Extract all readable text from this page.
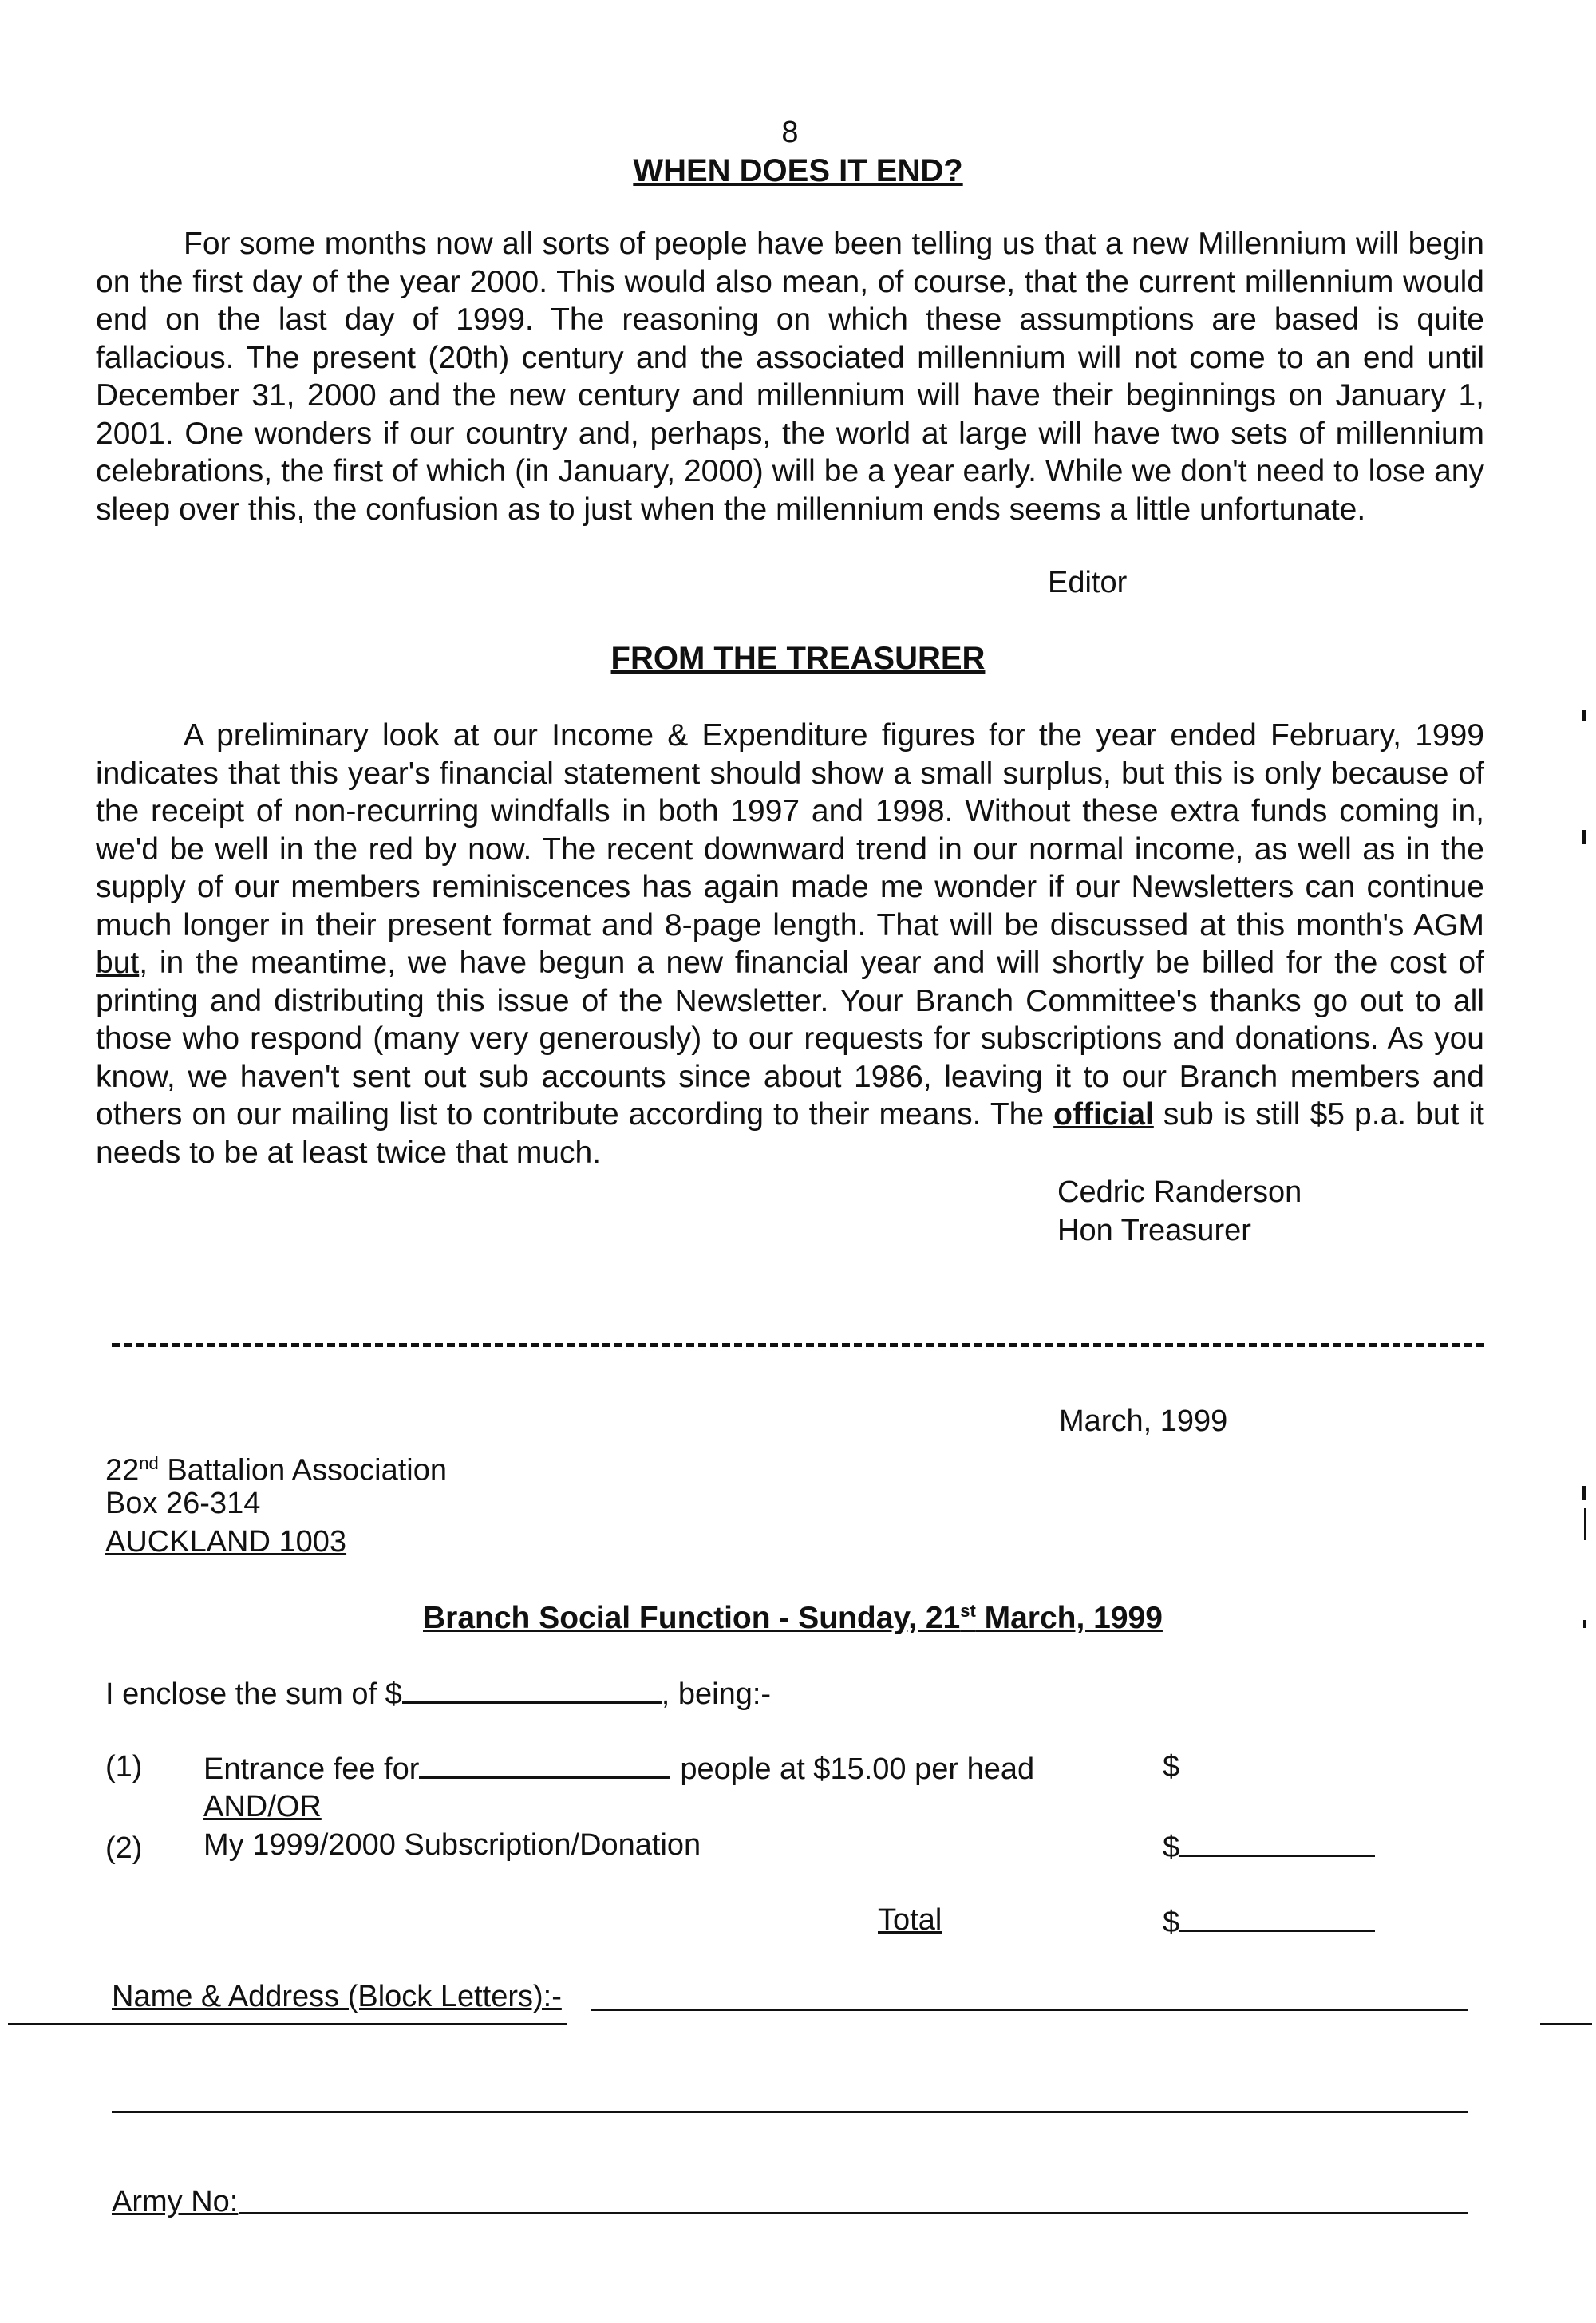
8
WHEN DOES IT END?

For some months now all sorts of people have been telling us that a new Millennium will begin on the first day of the year 2000. This would also mean, of course, that the current millennium would end on the last day of 1999. The reasoning on which these assumptions are based is quite fallacious. The present (20th) century and the associated millennium will not come to an end until December 31, 2000 and the new century and millennium will have their beginnings on January 1, 2001. One wonders if our country and, perhaps, the world at large will have two sets of millennium celebrations, the first of which (in January, 2000) will be a year early. While we don't need to lose any sleep over this, the confusion as to just when the millennium ends seems a little unfortunate.

Editor
FROM THE TREASURER

A preliminary look at our Income & Expenditure figures for the year ended February, 1999 indicates that this year's financial statement should show a small surplus, but this is only because of the receipt of non-recurring windfalls in both 1997 and 1998. Without these extra funds coming in, we'd be well in the red by now. The recent downward trend in our normal income, as well as in the supply of our members reminiscences has again made me wonder if our Newsletters can continue much longer in their present format and 8-page length. That will be discussed at this month's AGM but, in the meantime, we have begun a new financial year and will shortly be billed for the cost of printing and distributing this issue of the Newsletter. Your Branch Committee's thanks go out to all those who respond (many very generously) to our requests for subscriptions and donations. As you know, we haven't sent out sub accounts since about 1986, leaving it to our Branch members and others on our mailing list to contribute according to their means. The official sub is still $5 p.a. but it needs to be at least twice that much.

Cedric Randerson
Hon Treasurer
March, 1999
22nd Battalion Association
Box 26-314
AUCKLAND 1003
Branch Social Function - Sunday, 21st March, 1999
I enclose the sum of $	, being:-
(1) Entrance fee for	people at $15.00 per head	$
AND/OR
(2) My 1999/2000 Subscription/Donation	$
Total	$
Name & Address (Block Letters):-
Army No:
